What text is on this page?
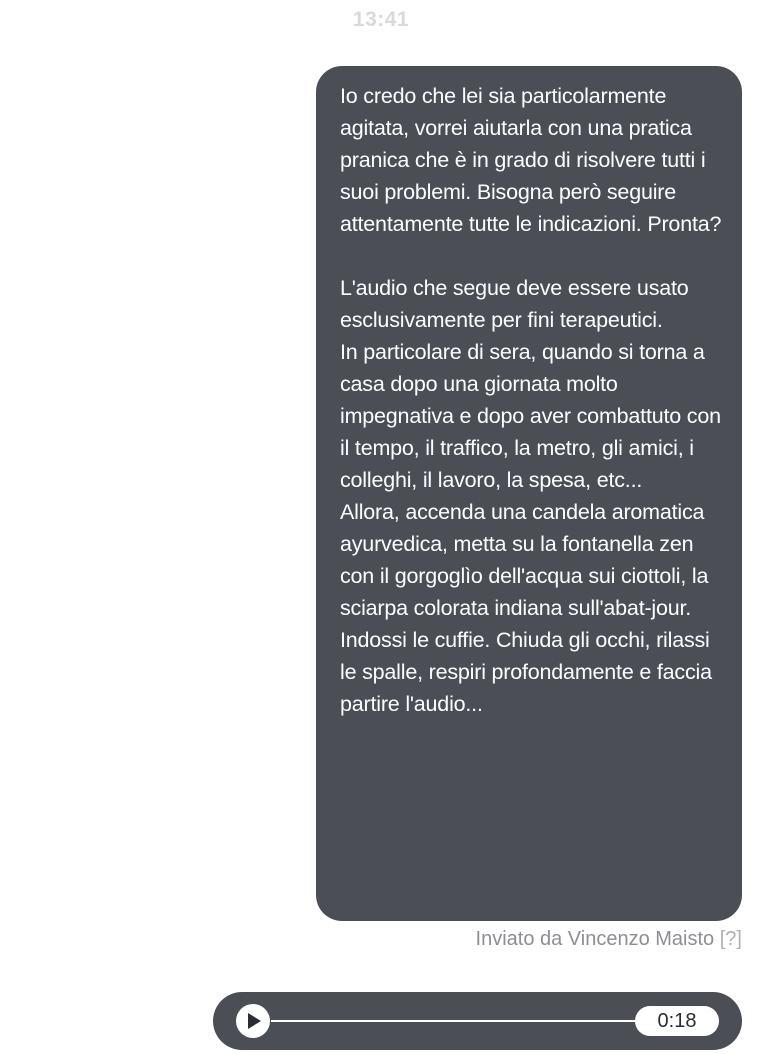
13:41

Io credo che lei sia particolarmente agitata, vorrei aiutarla con una pratica pranica che è in grado di risolvere tutti i suoi problemi. Bisogna però seguire attentamente tutte le indicazioni. Pronta?

L'audio che segue deve essere usato esclusivamente per fini terapeutici.
In particolare di sera, quando si torna a casa dopo una giornata molto impegnativa e dopo aver combattuto con il tempo, il traffico, la metro, gli amici, i colleghi, il lavoro, la spesa, etc...
Allora, accenda una candela aromatica ayurvedica, metta su la fontanella zen con il gorgoglìo dell'acqua sui ciottoli, la sciarpa colorata indiana sull'abat-jour.
Indossi le cuffie. Chiuda gli occhi, rilassi le spalle, respiri profondamente e faccia partire l'audio...

Inviato da Vincenzo Maisto [?]
0:18
